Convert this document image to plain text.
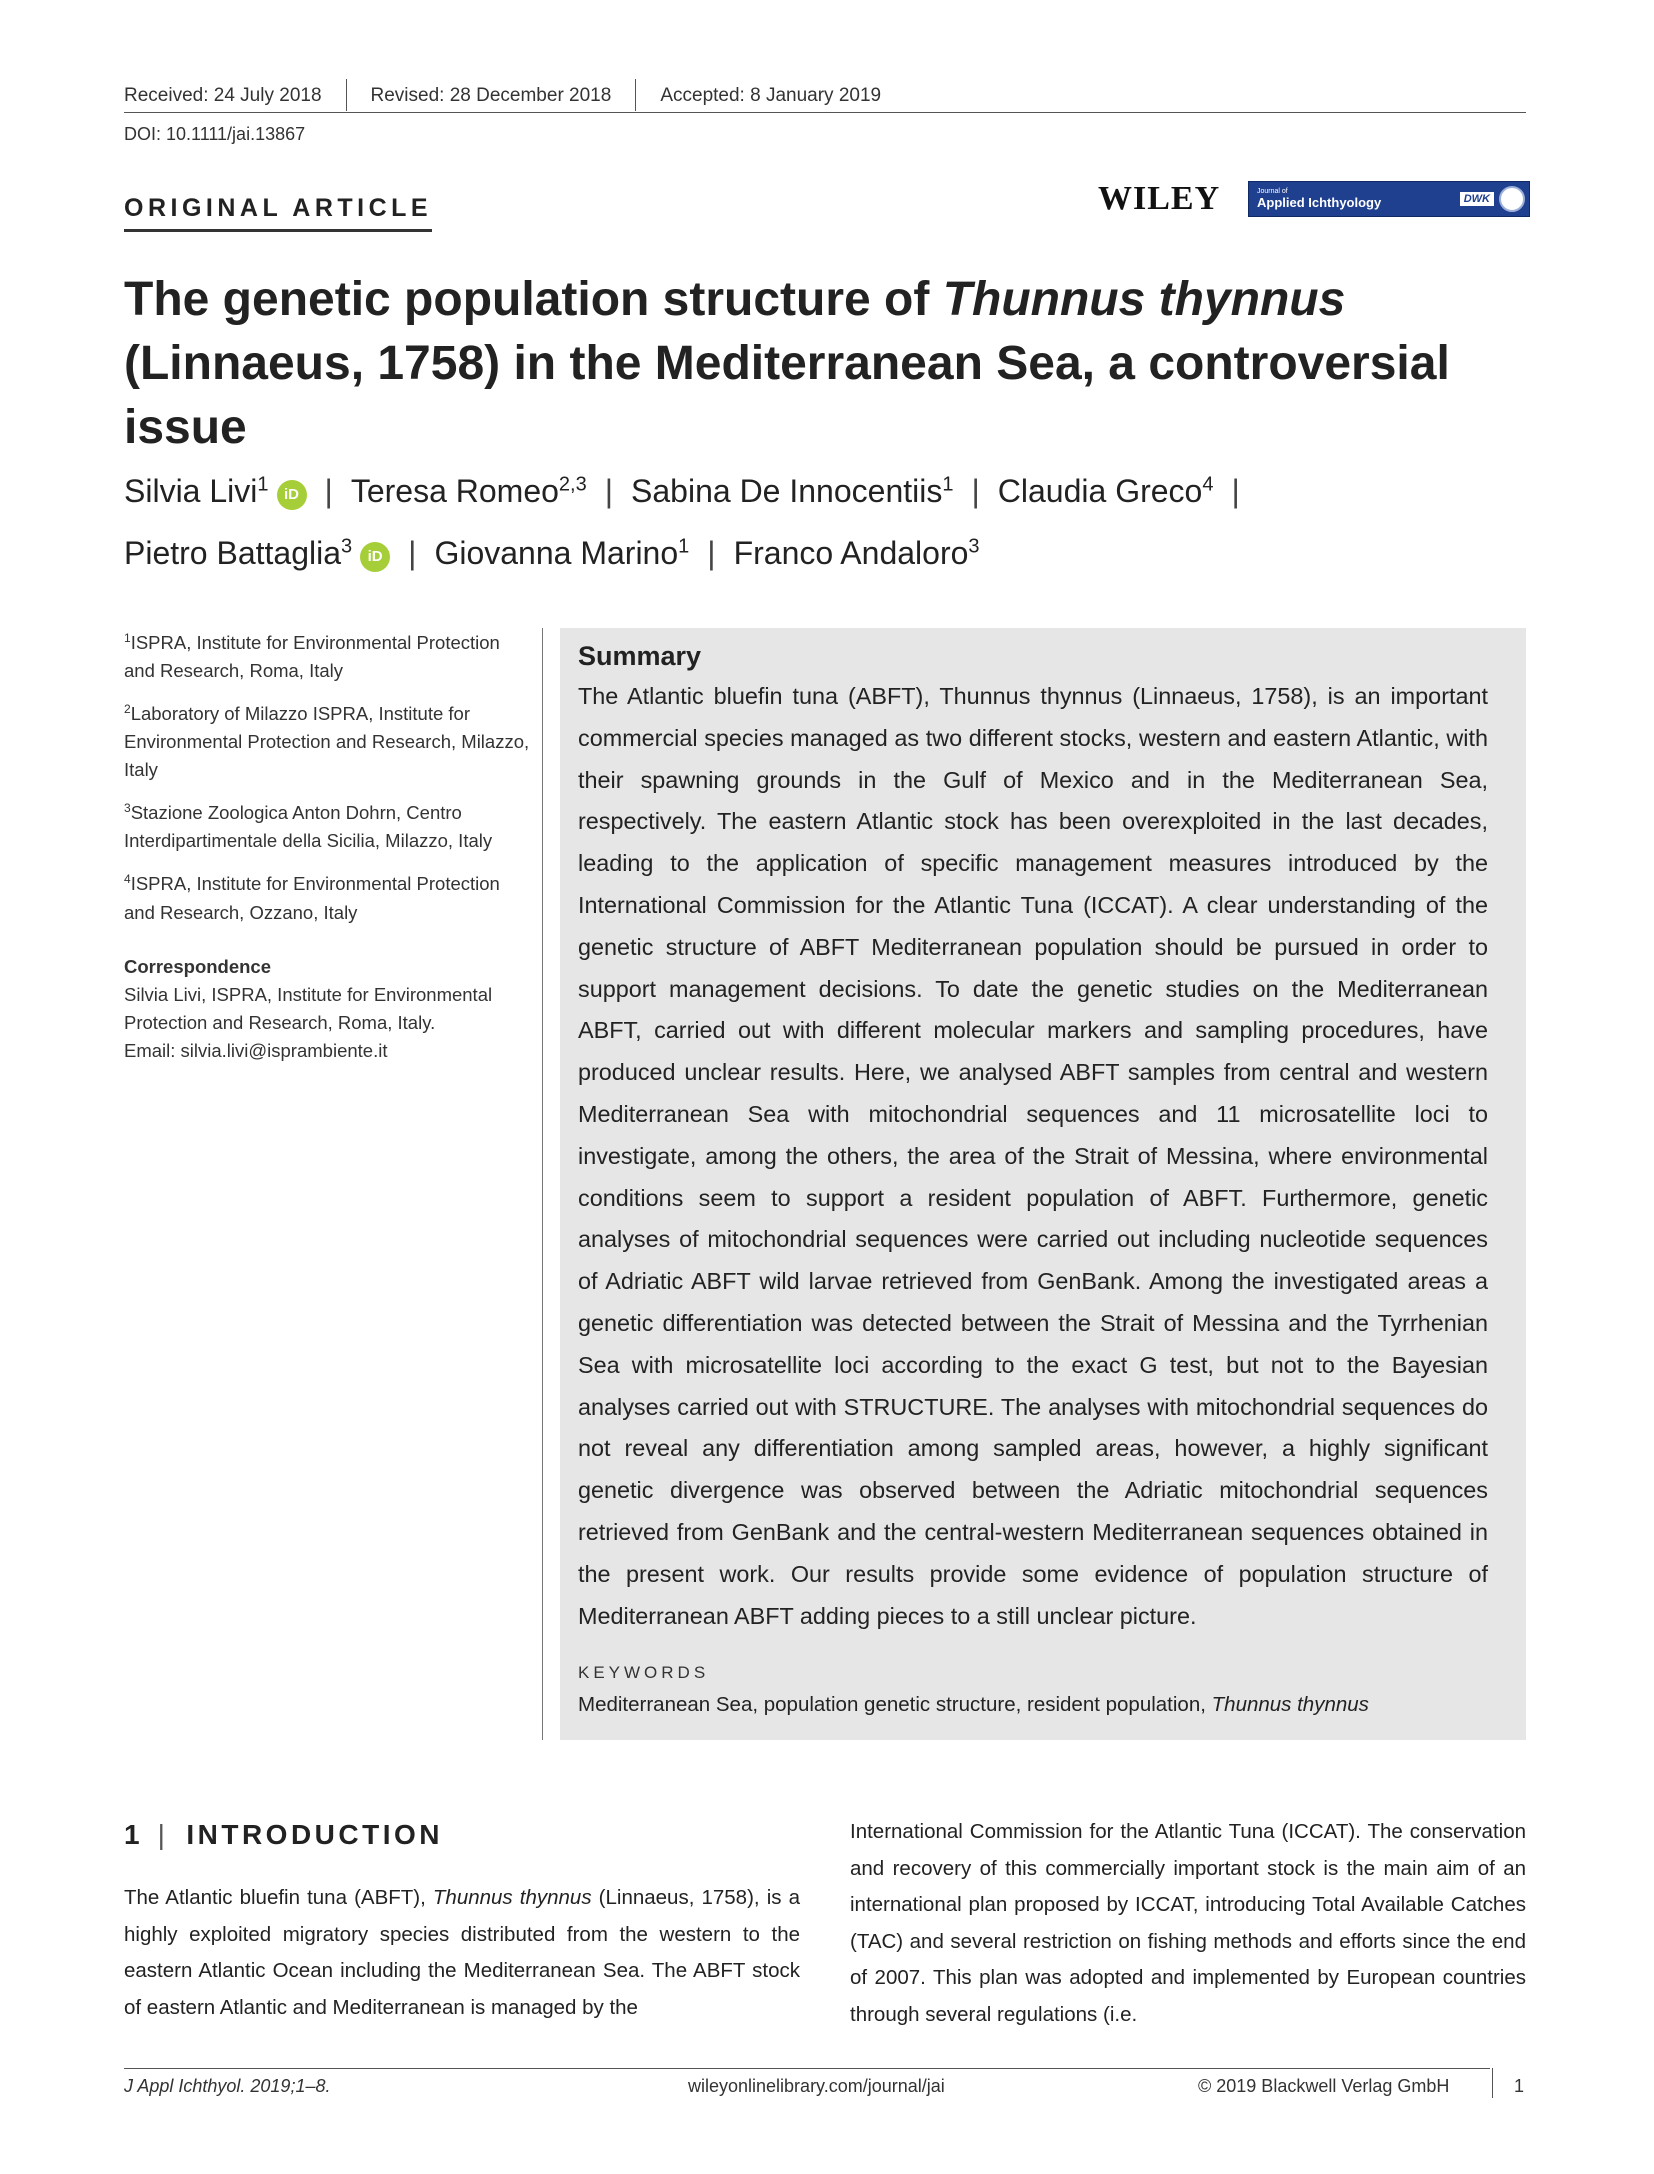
Received: 24 July 2018	Revised: 28 December 2018	Accepted: 8 January 2019
DOI: 10.1111/jai.13867
ORIGINAL ARTICLE	WILEY	Journal of
Applied Ichthyology	DWK
The genetic population structure of Thunnus thynnus (Linnaeus, 1758) in the Mediterranean Sea, a controversial issue
Silvia Livi$^1$ iD | Teresa Romeo$^{2,3}$ | Sabina De Innocentiis$^1$ | Claudia Greco$^4$ |
Pietro Battaglia$^3$ iD | Giovanna Marino$^1$ | Franco Andaloro$^3$

$^1$ISPRA, Institute for Environmental Protection and Research, Roma, Italy

$^2$Laboratory of Milazzo ISPRA, Institute for Environmental Protection and Research, Milazzo, Italy

$^3$Stazione Zoologica Anton Dohrn, Centro Interdipartimentale della Sicilia, Milazzo, Italy

$^4$ISPRA, Institute for Environmental Protection and Research, Ozzano, Italy

Correspondence
Silvia Livi, ISPRA, Institute for Environmental Protection and Research, Roma, Italy.
Email: silvia.livi@isprambiente.it
Summary
The Atlantic bluefin tuna (ABFT), Thunnus thynnus (Linnaeus, 1758), is an important commercial species managed as two different stocks, western and eastern Atlantic, with their spawning grounds in the Gulf of Mexico and in the Mediterranean Sea, respectively. The eastern Atlantic stock has been overexploited in the last decades, leading to the application of specific management measures introduced by the International Commission for the Atlantic Tuna (ICCAT). A clear understanding of the genetic structure of ABFT Mediterranean population should be pursued in order to support management decisions. To date the genetic studies on the Mediterranean ABFT, carried out with different molecular markers and sampling procedures, have produced unclear results. Here, we analysed ABFT samples from central and western Mediterranean Sea with mitochondrial sequences and 11 microsatellite loci to investigate, among the others, the area of the Strait of Messina, where environmental conditions seem to support a resident population of ABFT. Furthermore, genetic analyses of mitochondrial sequences were carried out including nucleotide sequences of Adriatic ABFT wild larvae retrieved from GenBank. Among the investigated areas a genetic differentiation was detected between the Strait of Messina and the Tyrrhenian Sea with microsatellite loci according to the exact G test, but not to the Bayesian analyses carried out with STRUCTURE. The analyses with mitochondrial sequences do not reveal any differentiation among sampled areas, however, a highly significant genetic divergence was observed between the Adriatic mitochondrial sequences retrieved from GenBank and the central-western Mediterranean sequences obtained in the present work. Our results provide some evidence of population structure of Mediterranean ABFT adding pieces to a still unclear picture.
KEYWORDS
Mediterranean Sea, population genetic structure, resident population, Thunnus thynnus
1 | INTRODUCTION
The Atlantic bluefin tuna (ABFT), Thunnus thynnus (Linnaeus, 1758), is a highly exploited migratory species distributed from the western to the eastern Atlantic Ocean including the Mediterranean Sea. The ABFT stock of eastern Atlantic and Mediterranean is managed by the
International Commission for the Atlantic Tuna (ICCAT). The conservation and recovery of this commercially important stock is the main aim of an international plan proposed by ICCAT, introducing Total Available Catches (TAC) and several restriction on fishing methods and efforts since the end of 2007. This plan was adopted and implemented by European countries through several regulations (i.e.
J Appl Ichthyol. 2019;1–8.	wileyonlinelibrary.com/journal/jai	© 2019 Blackwell Verlag GmbH	1
